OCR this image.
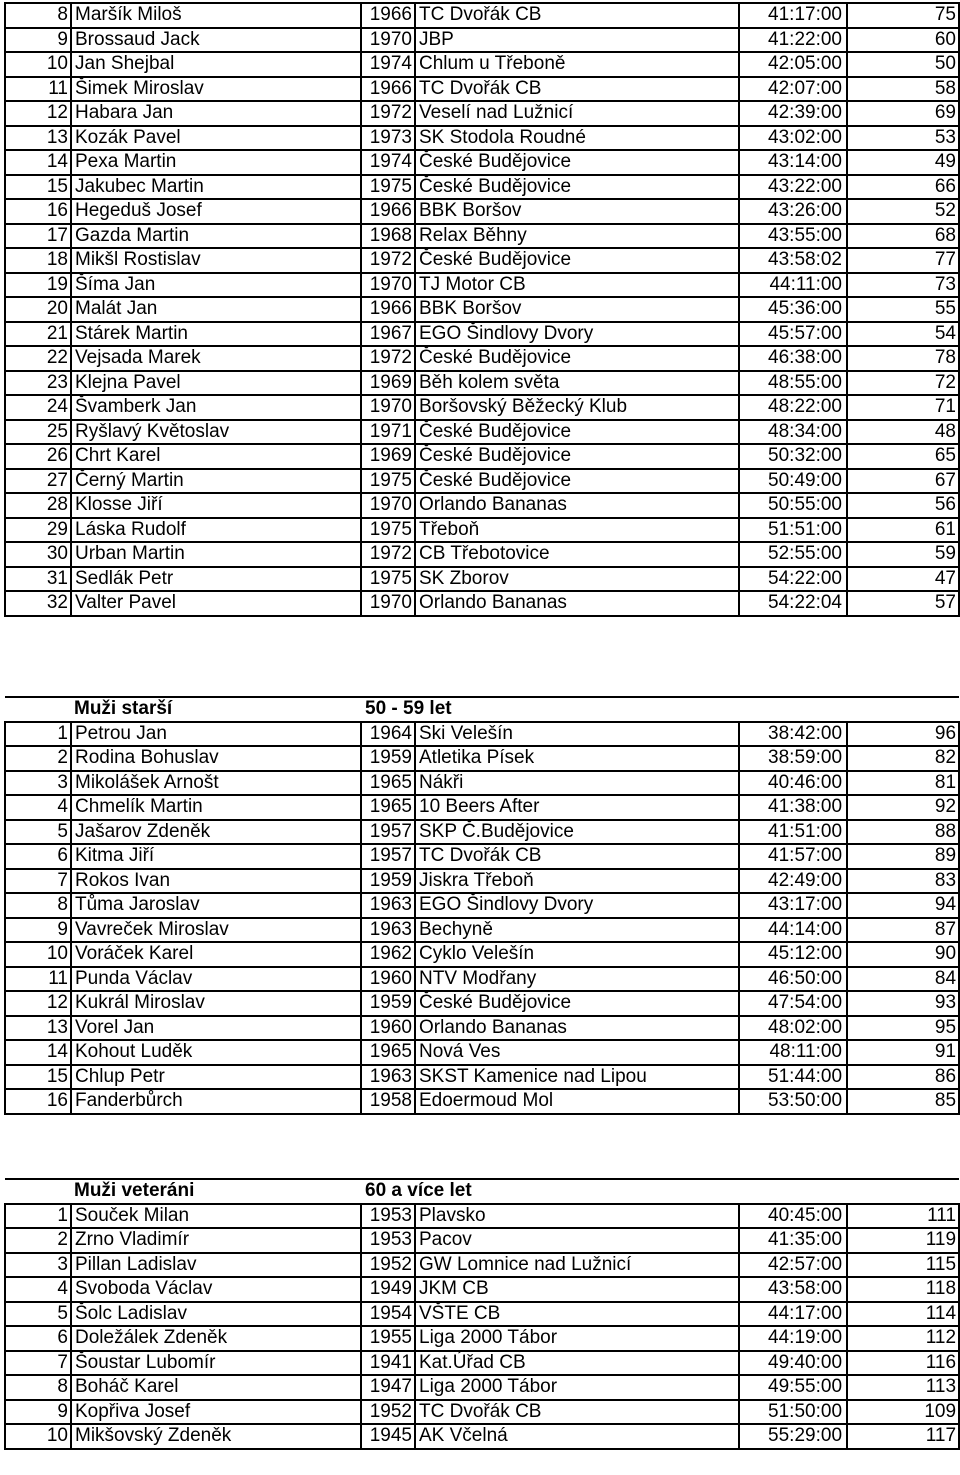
8	Maršík Miloš	1966	TC Dvořák CB	41:17:00	75
9	Brossaud Jack	1970	JBP	41:22:00	60
10	Jan Shejbal	1974	Chlum u Třeboně	42:05:00	50
11	Šimek Miroslav	1966	TC Dvořák CB	42:07:00	58
12	Habara Jan	1972	Veselí nad Lužnicí	42:39:00	69
13	Kozák Pavel	1973	SK Stodola Roudné	43:02:00	53
14	Pexa Martin	1974	České Budějovice	43:14:00	49
15	Jakubec Martin	1975	České Budějovice	43:22:00	66
16	Hegeduš Josef	1966	BBK Boršov	43:26:00	52
17	Gazda Martin	1968	Relax Běhny	43:55:00	68
18	Mikšl Rostislav	1972	České Budějovice	43:58:02	77
19	Šíma Jan	1970	TJ Motor CB	44:11:00	73
20	Malát Jan	1966	BBK Boršov	45:36:00	55
21	Stárek Martin	1967	EGO Šindlovy Dvory	45:57:00	54
22	Vejsada Marek	1972	České Budějovice	46:38:00	78
23	Klejna Pavel	1969	Běh kolem světa	48:55:00	72
24	Švamberk Jan	1970	Boršovský Běžecký Klub	48:22:00	71
25	Ryšlavý Květoslav	1971	České Budějovice	48:34:00	48
26	Chrt Karel	1969	České Budějovice	50:32:00	65
27	Černý Martin	1975	České Budějovice	50:49:00	67
28	Klosse Jiří	1970	Orlando Bananas	50:55:00	56
29	Láska Rudolf	1975	Třeboň	51:51:00	61
30	Urban Martin	1972	CB Třebotovice	52:55:00	59
31	Sedlák Petr	1975	SK Zborov	54:22:00	47
32	Valter Pavel	1970	Orlando Bananas	54:22:04	57
	Muži starší	50 - 59 let			
1	Petrou Jan	1964	Ski Velešín	38:42:00	96
2	Rodina Bohuslav	1959	Atletika Písek	38:59:00	82
3	Mikolášek Arnošt	1965	Nákři	40:46:00	81
4	Chmelík Martin	1965	10 Beers After	41:38:00	92
5	Jašarov Zdeněk	1957	SKP Č.Budějovice	41:51:00	88
6	Kitma Jiří	1957	TC Dvořák CB	41:57:00	89
7	Rokos Ivan	1959	Jiskra Třeboň	42:49:00	83
8	Tůma Jaroslav	1963	EGO Šindlovy Dvory	43:17:00	94
9	Vavreček Miroslav	1963	Bechyně	44:14:00	87
10	Voráček Karel	1962	Cyklo Velešín	45:12:00	90
11	Punda Václav	1960	NTV Modřany	46:50:00	84
12	Kukrál Miroslav	1959	České Budějovice	47:54:00	93
13	Vorel Jan	1960	Orlando Bananas	48:02:00	95
14	Kohout Luděk	1965	Nová Ves	48:11:00	91
15	Chlup Petr	1963	SKST Kamenice nad Lipou	51:44:00	86
16	Fanderbůrch	1958	Edoermoud Mol	53:50:00	85
	Muži veteráni	60 a více let			
1	Souček Milan	1953	Plavsko	40:45:00	111
2	Zrno Vladimír	1953	Pacov	41:35:00	119
3	Pillan Ladislav	1952	GW Lomnice nad Lužnicí	42:57:00	115
4	Svoboda Václav	1949	JKM CB	43:58:00	118
5	Šolc Ladislav	1954	VŠTE CB	44:17:00	114
6	Doležálek Zdeněk	1955	Liga 2000 Tábor	44:19:00	112
7	Šoustar Lubomír	1941	Kat.Úřad CB	49:40:00	116
8	Boháč Karel	1947	Liga 2000 Tábor	49:55:00	113
9	Kopřiva Josef	1952	TC Dvořák CB	51:50:00	109
10	Mikšovský Zdeněk	1945	AK Včelná	55:29:00	117
